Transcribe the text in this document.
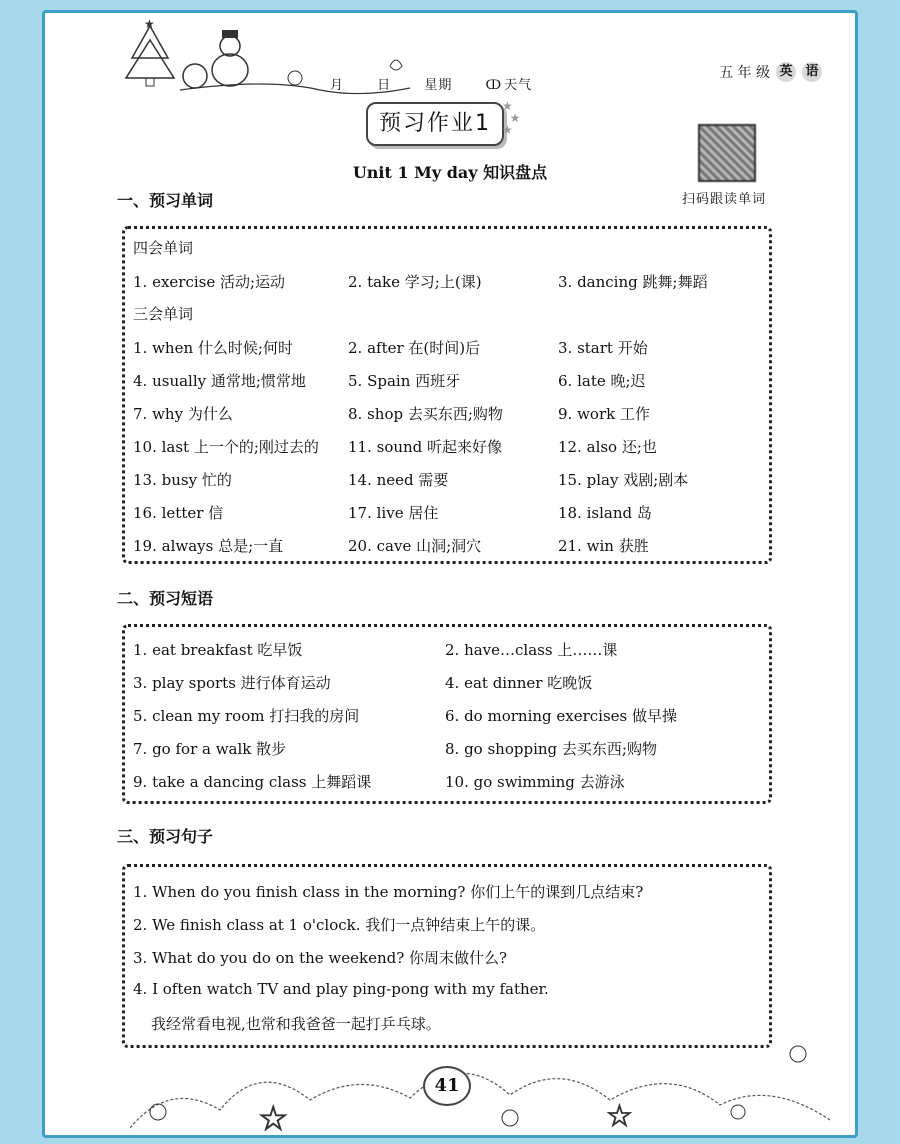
★
月	日	星期	ↀ 天气
五 年 级 英 语
预习作业1
★
★
★
扫码跟读单词
Unit 1 My day 知识盘点
一、预习单词
四会单词
1. exercise 活动;运动	2. take 学习;上(课)	3. dancing 跳舞;舞蹈
三会单词
1. when 什么时候;何时	2. after 在(时间)后	3. start 开始
4. usually 通常地;惯常地	5. Spain 西班牙	6. late 晚;迟
7. why 为什么	8. shop 去买东西;购物	9. work 工作
10. last 上一个的;刚过去的 11. sound 听起来好像	12. also 还;也
13. busy 忙的	14. need 需要	15. play 戏剧;剧本
16. letter 信	17. live 居住	18. island 岛
19. always 总是;一直	20. cave 山洞;洞穴	21. win 获胜
二、预习短语
1. eat breakfast 吃早饭	2. have…class 上……课
3. play sports 进行体育运动	4. eat dinner 吃晚饭
5. clean my room 打扫我的房间	6. do morning exercises 做早操
7. go for a walk 散步	8. go shopping 去买东西;购物
9. take a dancing class 上舞蹈课	10. go swimming 去游泳
三、预习句子
1. When do you finish class in the morning? 你们上午的课到几点结束?
2. We finish class at 1 o'clock. 我们一点钟结束上午的课。
3. What do you do on the weekend? 你周末做什么?
4. I often watch TV and play ping-pong with my father.
我经常看电视,也常和我爸爸一起打乒乓球。
☆	☆
41
